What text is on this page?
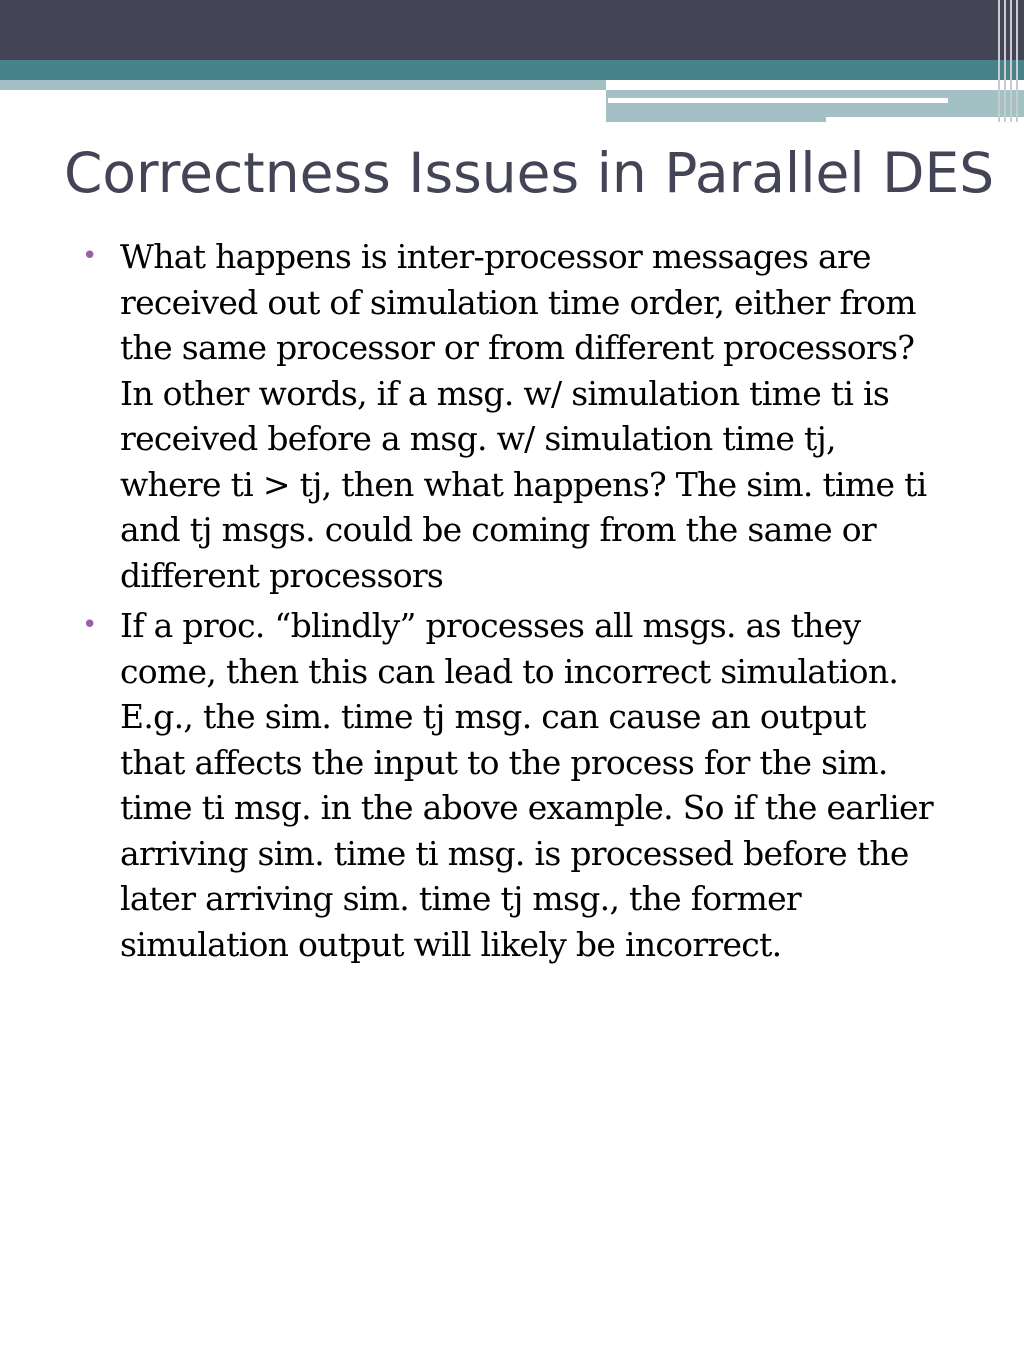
Correctness Issues in Parallel DES
• What happens is inter-processor messages are
received out of simulation time order, either from
the same processor or from different processors?
In other words, if a msg. w/ simulation time ti is
received before a msg. w/ simulation time tj,
where ti > tj, then what happens? The sim. time ti
and tj msgs. could be coming from the same or
different processors
• If a proc. “blindly” processes all msgs. as they
come, then this can lead to incorrect simulation.
E.g., the sim. time tj msg. can cause an output
that affects the input to the process for the sim.
time ti msg. in the above example. So if the earlier
arriving sim. time ti msg. is processed before the
later arriving sim. time tj msg., the former
simulation output will likely be incorrect.
